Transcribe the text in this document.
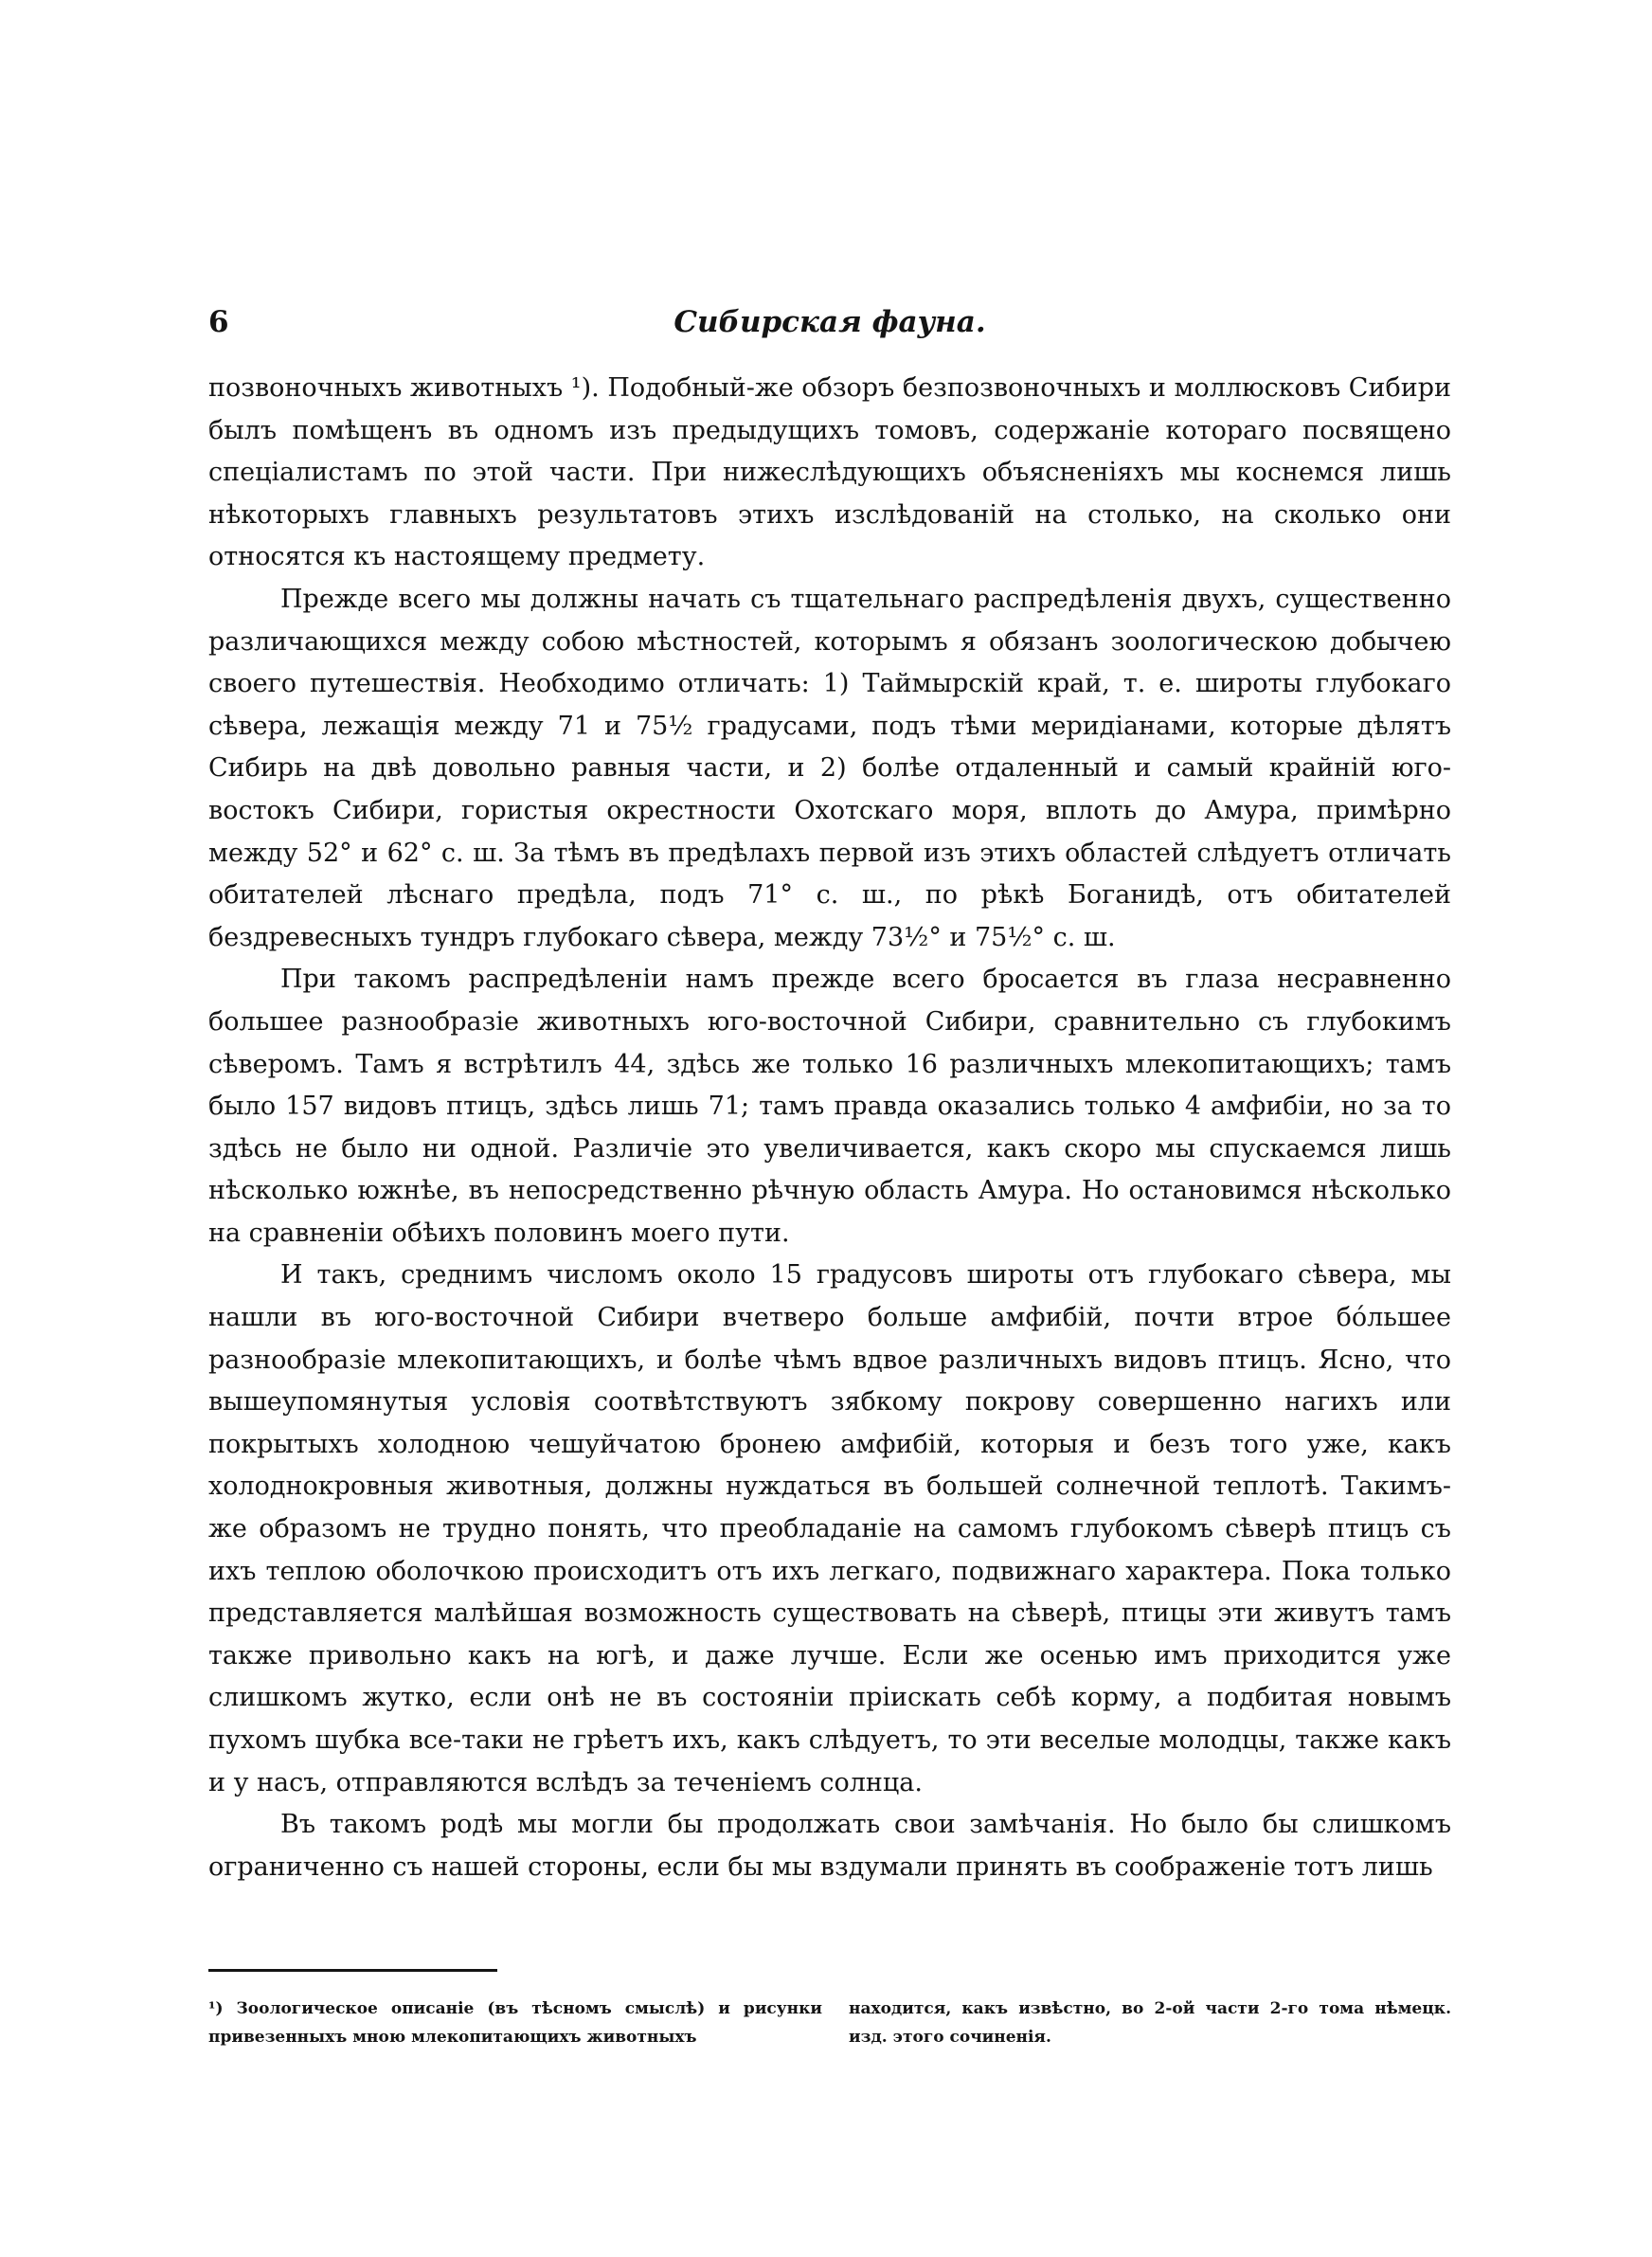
6	Сибирская фауна.

позвоночныхъ животныхъ ¹). Подобный-же обзоръ безпозвоночныхъ и моллюсковъ Сибири былъ помѣщенъ въ одномъ изъ предыдущихъ томовъ, содержаніе котораго посвящено спеціалистамъ по этой части. При нижеслѣдующихъ объясненіяхъ мы коснемся лишь нѣкоторыхъ главныхъ результатовъ этихъ изслѣдованій на столько, на сколько они относятся къ настоящему предмету.

Прежде всего мы должны начать съ тщательнаго распредѣленія двухъ, существенно различающихся между собою мѣстностей, которымъ я обязанъ зоологическою добычею своего путешествія. Необходимо отличать: 1) Таймырскій край, т. е. широты глубокаго сѣвера, лежащія между 71 и 75½ градусами, подъ тѣми меридіанами, которые дѣлятъ Сибирь на двѣ довольно равныя части, и 2) болѣе отдаленный и самый крайній юго-востокъ Сибири, гористыя окрестности Охотскаго моря, вплоть до Амура, примѣрно между 52° и 62° с. ш. За тѣмъ въ предѣлахъ первой изъ этихъ областей слѣдуетъ отличать обитателей лѣснаго предѣла, подъ 71° с. ш., по рѣкѣ Боганидѣ, отъ обитателей бездревесныхъ тундръ глубокаго сѣвера, между 73½° и 75½° с. ш.

При такомъ распредѣленіи намъ прежде всего бросается въ глаза несравненно большее разнообразіе животныхъ юго-восточной Сибири, сравнительно съ глубокимъ сѣверомъ. Тамъ я встрѣтилъ 44, здѣсь же только 16 различныхъ млекопитающихъ; тамъ было 157 видовъ птицъ, здѣсь лишь 71; тамъ правда оказались только 4 амфибіи, но за то здѣсь не было ни одной. Различіе это увеличивается, какъ скоро мы спускаемся лишь нѣсколько южнѣе, въ непосредственно рѣчную область Амура. Но остановимся нѣсколько на сравненіи обѣихъ половинъ моего пути.

И такъ, среднимъ числомъ около 15 градусовъ широты отъ глубокаго сѣвера, мы нашли въ юго-восточной Сибири вчетверо больше амфибій, почти втрое бóльшее разнообразіе млекопитающихъ, и болѣе чѣмъ вдвое различныхъ видовъ птицъ. Ясно, что вышеупомянутыя условія соотвѣтствуютъ зябкому покрову совершенно нагихъ или покрытыхъ холодною чешуйчатою бронею амфибій, которыя и безъ того уже, какъ холоднокровныя животныя, должны нуждаться въ большей солнечной теплотѣ. Такимъ-же образомъ не трудно понять, что преобладаніе на самомъ глубокомъ сѣверѣ птицъ съ ихъ теплою оболочкою происходитъ отъ ихъ легкаго, подвижнаго характера. Пока только представляется малѣйшая возможность существовать на сѣверѣ, птицы эти живутъ тамъ также привольно какъ на югѣ, и даже лучше. Если же осенью имъ приходится уже слишкомъ жутко, если онѣ не въ состояніи пріискать себѣ корму, а подбитая новымъ пухомъ шубка все-таки не грѣетъ ихъ, какъ слѣдуетъ, то эти веселые молодцы, также какъ и у насъ, отправляются вслѣдъ за теченіемъ солнца.

Въ такомъ родѣ мы могли бы продолжать свои замѣчанія. Но было бы слишкомъ ограниченно съ нашей стороны, если бы мы вздумали принять въ соображеніе тотъ лишь

¹) Зоологическое описаніе (въ тѣсномъ смыслѣ) и рисунки привезенныхъ мною млекопитающихъ животныхъ
находится, какъ извѣстно, во 2-ой части 2-го тома нѣмецк. изд. этого сочиненія.
